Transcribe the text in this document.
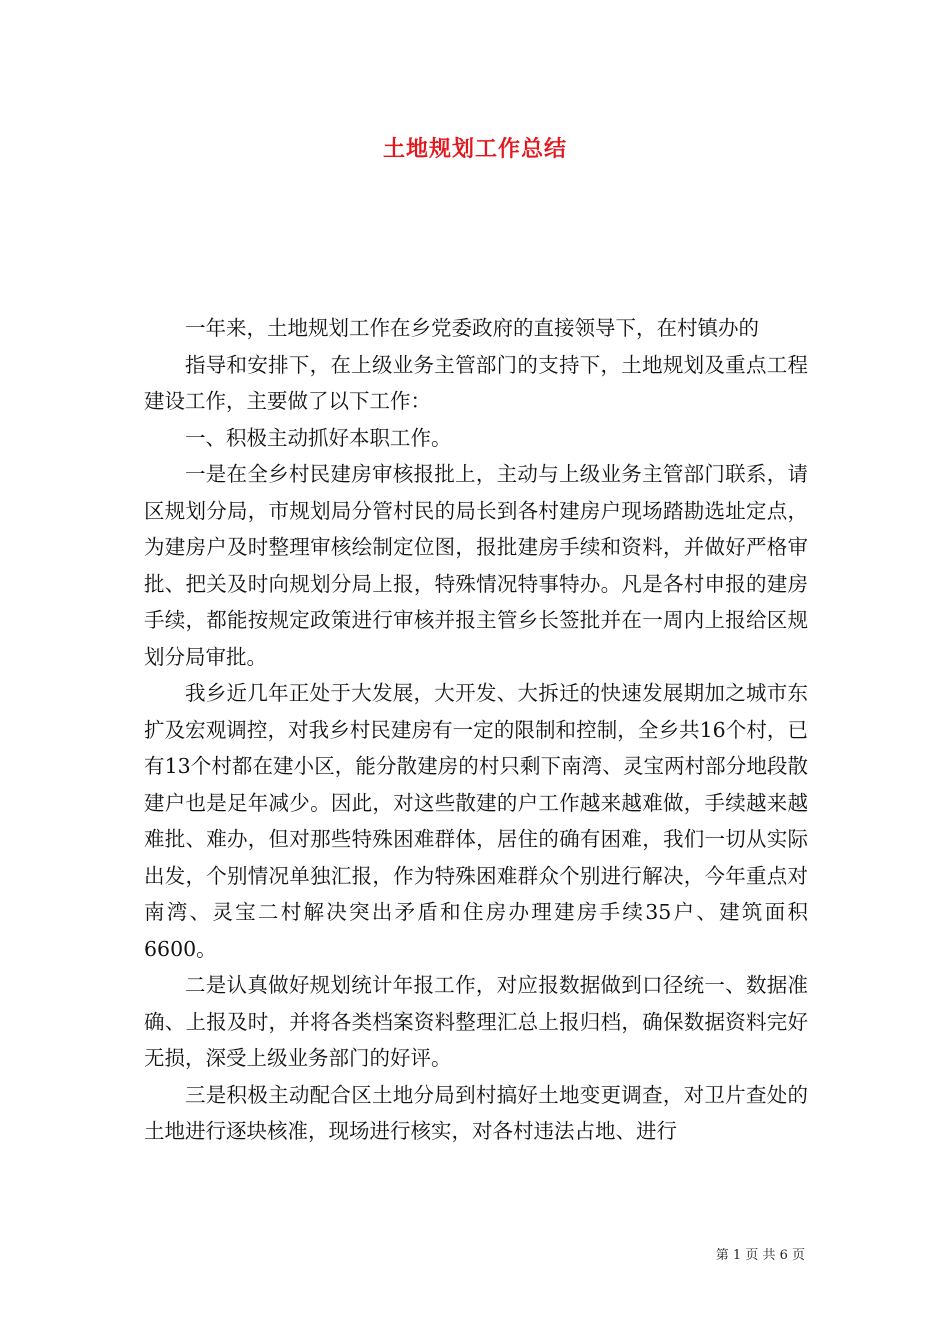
土地规划工作总结

一年来，土地规划工作在乡党委政府的直接领导下，在村镇办的

指导和安排下，在上级业务主管部门的支持下，土地规划及重点工程建设工作，主要做了以下工作：

一、积极主动抓好本职工作。

一是在全乡村民建房审核报批上，主动与上级业务主管部门联系，请区规划分局，市规划局分管村民的局长到各村建房户现场踏勘选址定点，为建房户及时整理审核绘制定位图，报批建房手续和资料，并做好严格审批、把关及时向规划分局上报，特殊情况特事特办。凡是各村申报的建房手续，都能按规定政策进行审核并报主管乡长签批并在一周内上报给区规划分局审批。

我乡近几年正处于大发展，大开发、大拆迁的快速发展期加之城市东扩及宏观调控，对我乡村民建房有一定的限制和控制，全乡共16个村，已有13个村都在建小区，能分散建房的村只剩下南湾、灵宝两村部分地段散建户也是足年减少。因此，对这些散建的户工作越来越难做，手续越来越难批、难办，但对那些特殊困难群体，居住的确有困难，我们一切从实际出发，个别情况单独汇报，作为特殊困难群众个别进行解决，今年重点对南湾、灵宝二村解决突出矛盾和住房办理建房手续35户、建筑面积6600。

二是认真做好规划统计年报工作，对应报数据做到口径统一、数据准确、上报及时，并将各类档案资料整理汇总上报归档，确保数据资料完好无损，深受上级业务部门的好评。

三是积极主动配合区土地分局到村搞好土地变更调查，对卫片查处的土地进行逐块核准，现场进行核实，对各村违法占地、进行

第 1 页 共 6 页
